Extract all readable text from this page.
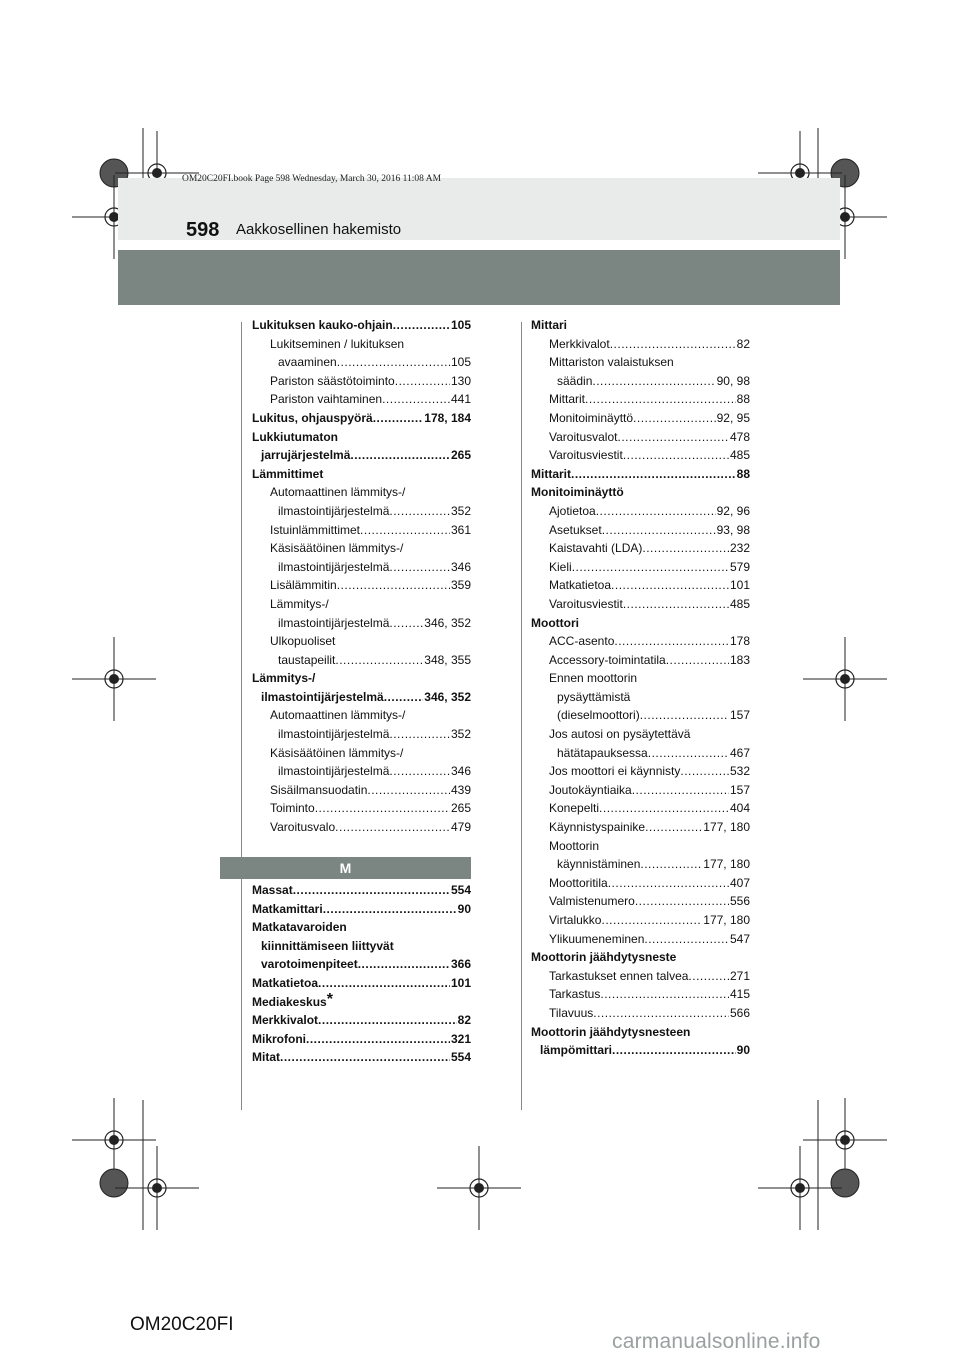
OM20C20FI.book Page 598 Wednesday, March 30, 2016 11:08 AM
598 Aakkosellinen hakemisto
Lukituksen kauko-ohjain .....	105
Lukitseminen / lukituksen
avaaminen .....	105
Pariston säästötoiminto .....	130
Pariston vaihtaminen .....	441
Lukitus, ohjauspyörä .....	178, 184
Lukkiutumaton
jarrujärjestelmä .....	265
Lämmittimet
Automaattinen lämmitys-/
ilmastointijärjestelmä .....	352
Istuinlämmittimet .....	361
Käsisäätöinen lämmitys-/
ilmastointijärjestelmä .....	346
Lisälämmitin .....	359
Lämmitys-/
ilmastointijärjestelmä .....	346, 352
Ulkopuoliset
taustapeilit .....	348, 355
Lämmitys-/
ilmastointijärjestelmä .....	346, 352
Automaattinen lämmitys-/
ilmastointijärjestelmä .....	352
Käsisäätöinen lämmitys-/
ilmastointijärjestelmä .....	346
Sisäilmansuodatin .....	439
Toiminto .....	265
Varoitusvalo .....	479
M
Massat .....	554
Matkamittari .....	90
Matkatavaroiden
kiinnittämiseen liittyvät
varotoimenpiteet .....	366
Matkatietoa .....	101
Mediakeskus*
Merkkivalot .....	82
Mikrofoni .....	321
Mitat .....	554
Mittari
Merkkivalot .....	82
Mittariston valaistuksen
säädin .....	90, 98
Mittarit .....	88
Monitoiminäyttö .....	92, 95
Varoitusvalot .....	478
Varoitusviestit .....	485
Mittarit .....	88
Monitoiminäyttö
Ajotietoa .....	92, 96
Asetukset .....	93, 98
Kaistavahti (LDA) .....	232
Kieli .....	579
Matkatietoa .....	101
Varoitusviestit .....	485
Moottori
ACC-asento .....	178
Accessory-toimintatila .....	183
Ennen moottorin
pysäyttämistä
(dieselmoottori) .....	157
Jos autosi on pysäytettävä
hätätapauksessa .....	467
Jos moottori ei käynnisty .....	532
Joutokäyntiaika .....	157
Konepelti .....	404
Käynnistyspainike .....	177, 180
Moottorin
käynnistäminen .....	177, 180
Moottoritila .....	407
Valmistenumero .....	556
Virtalukko .....	177, 180
Ylikuumeneminen .....	547
Moottorin jäähdytysneste
Tarkastukset ennen talvea .....	271
Tarkastus .....	415
Tilavuus .....	566
Moottorin jäähdytysnesteen
lämpömittari .....	90
OM20C20FI
carmanualsonline.info
